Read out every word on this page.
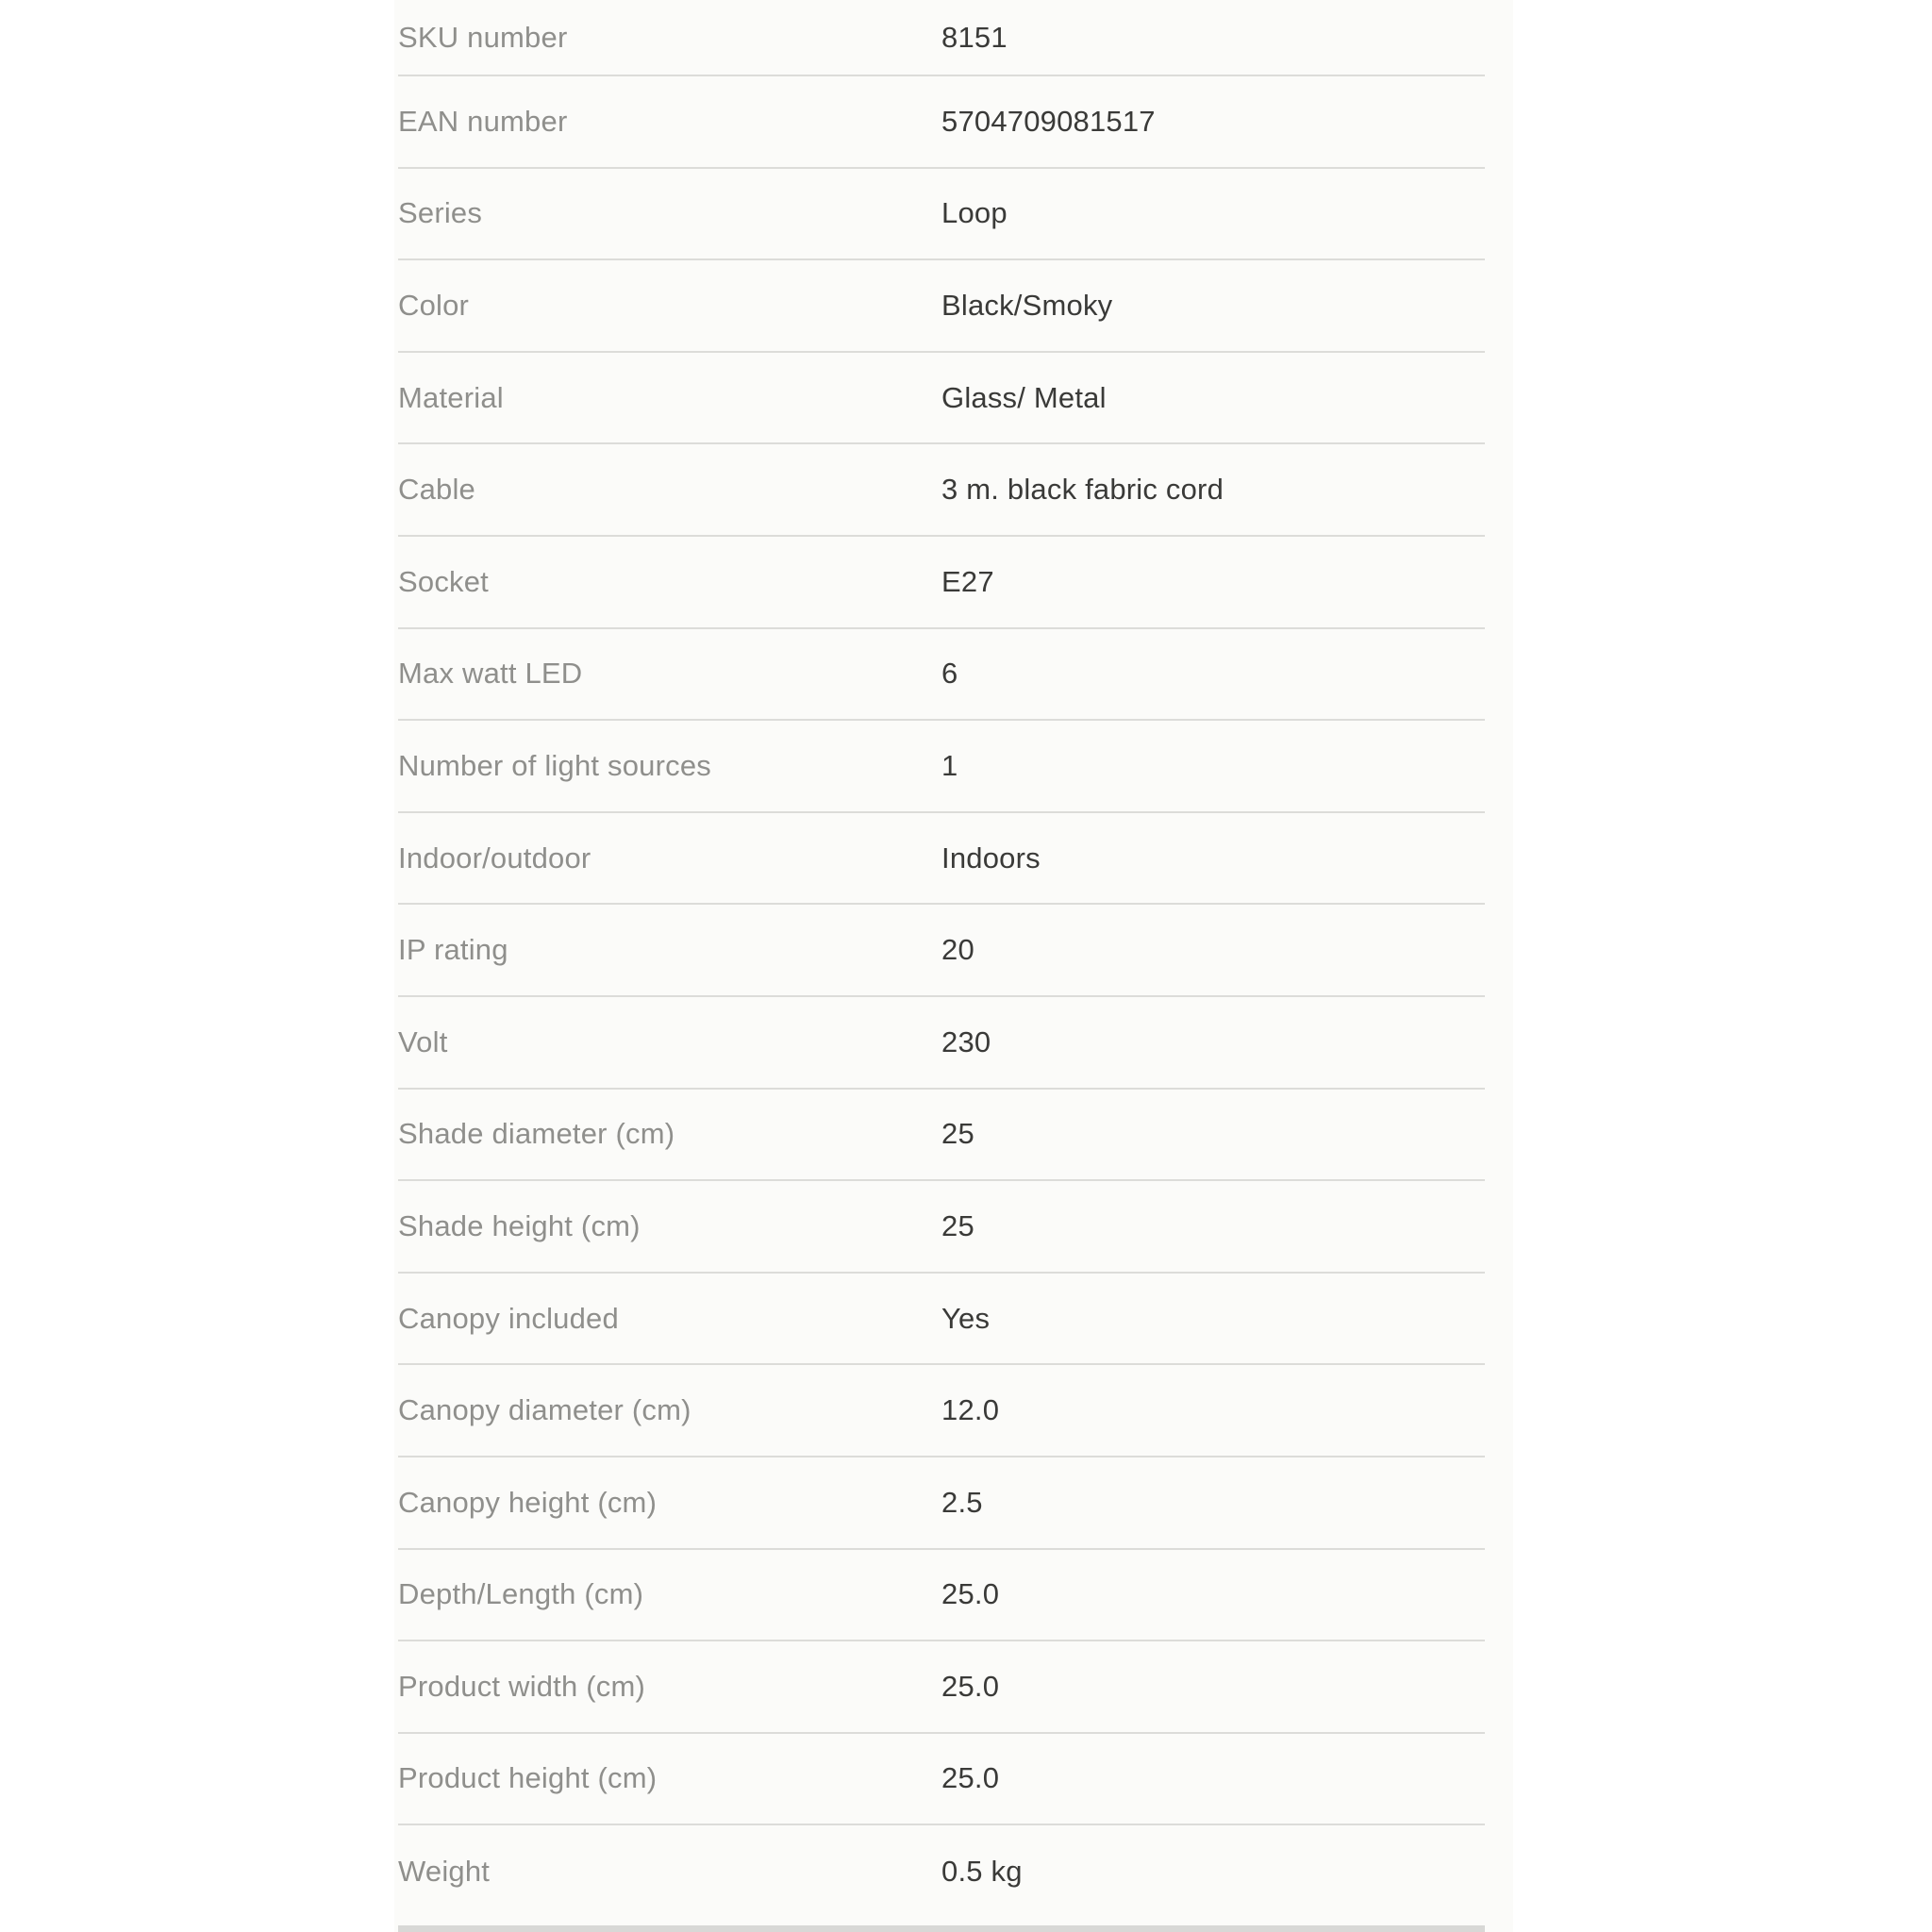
SKU number	8151
EAN number	5704709081517
Series	Loop
Color	Black/Smoky
Material	Glass/ Metal
Cable	3 m. black fabric cord
Socket	E27
Max watt LED	6
Number of light sources	1
Indoor/outdoor	Indoors
IP rating	20
Volt	230
Shade diameter (cm)	25
Shade height (cm)	25
Canopy included	Yes
Canopy diameter (cm)	12.0
Canopy height (cm)	2.5
Depth/Length (cm)	25.0
Product width (cm)	25.0
Product height (cm)	25.0
Weight	0.5 kg
